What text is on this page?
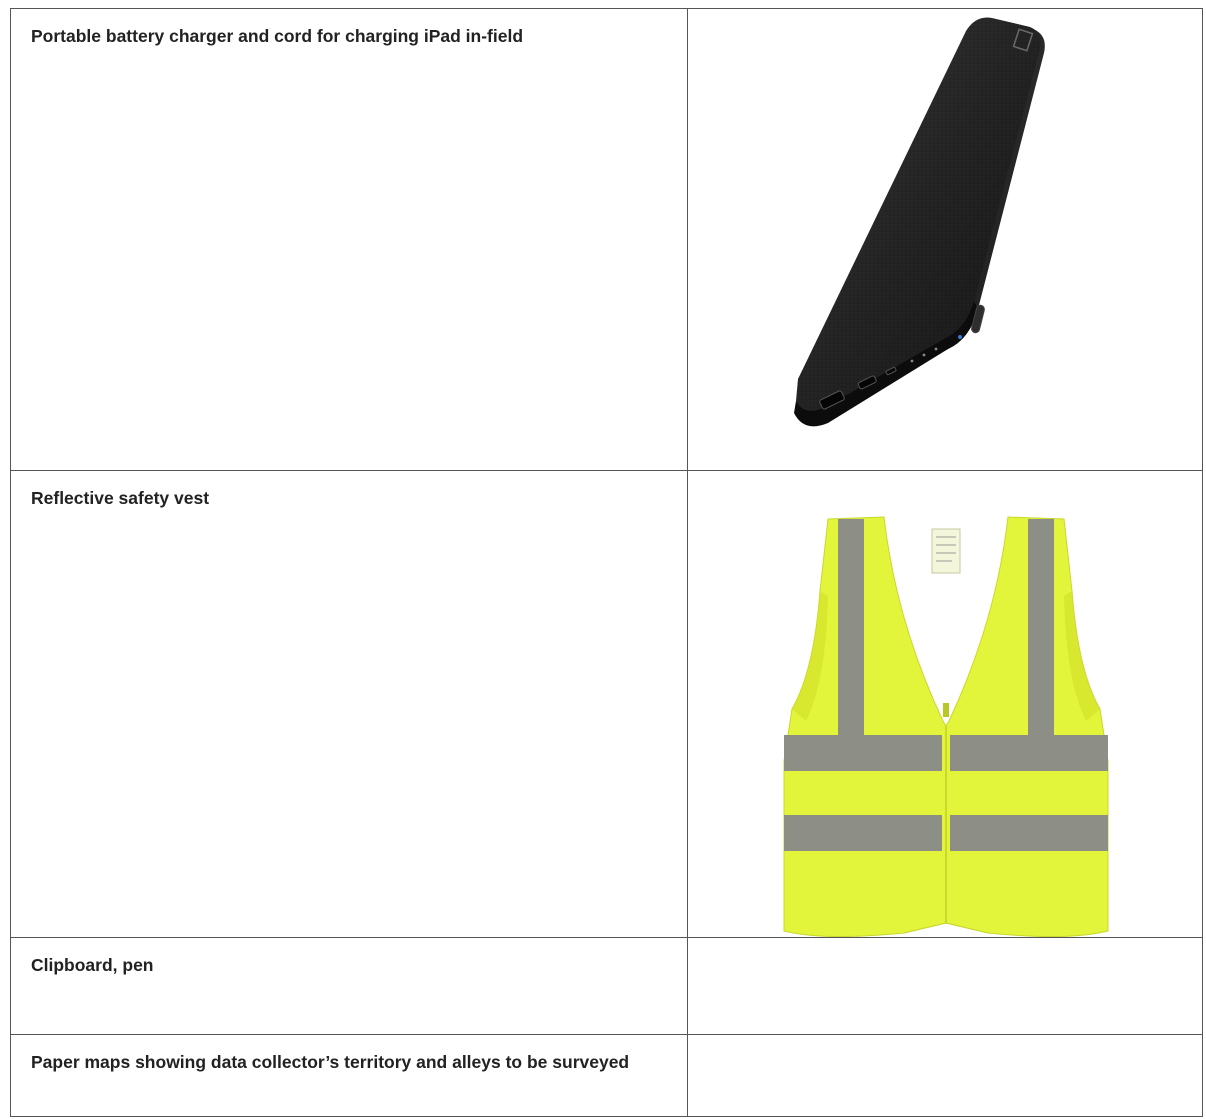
Portable battery charger and cord for charging iPad in-field

Reflective safety vest

Clipboard, pen

Paper maps showing data collector’s territory and alleys to be surveyed
